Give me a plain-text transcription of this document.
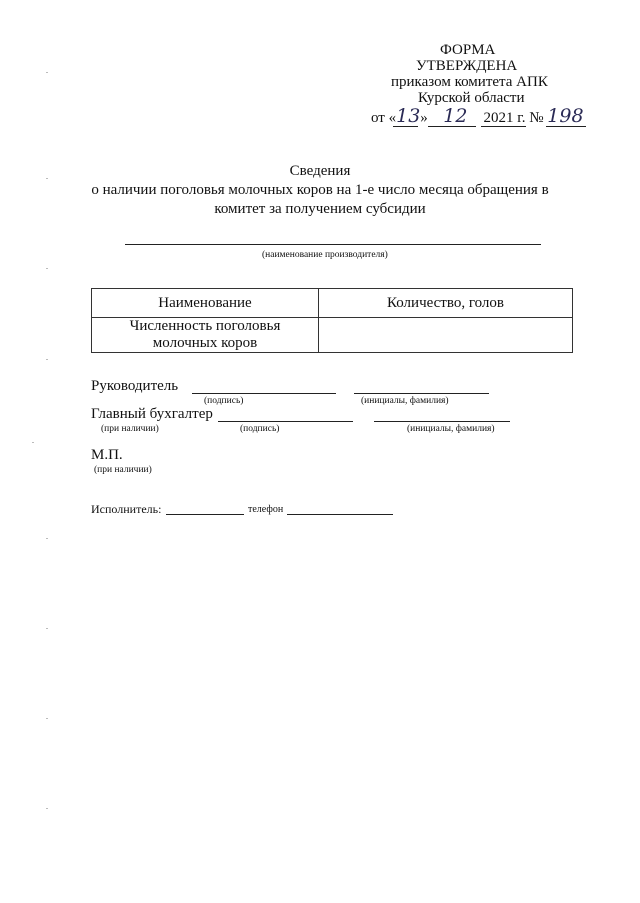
ФОРМА
УТВЕРЖДЕНА
приказом комитета АПК
Курской области
от «13» 12 2021 г. № 198
Сведения
о наличии поголовья молочных коров на 1-е число месяца обращения в
комитет за получением субсидии
(наименование производителя)
Наименование	Количество, голов
Численность поголовья молочных коров	
Руководитель
(подпись)	(инициалы, фамилия)
Главный бухгалтер
(при наличии)	(подпись)	(инициалы, фамилия)
М.П.
(при наличии)
Исполнитель:	телефон
